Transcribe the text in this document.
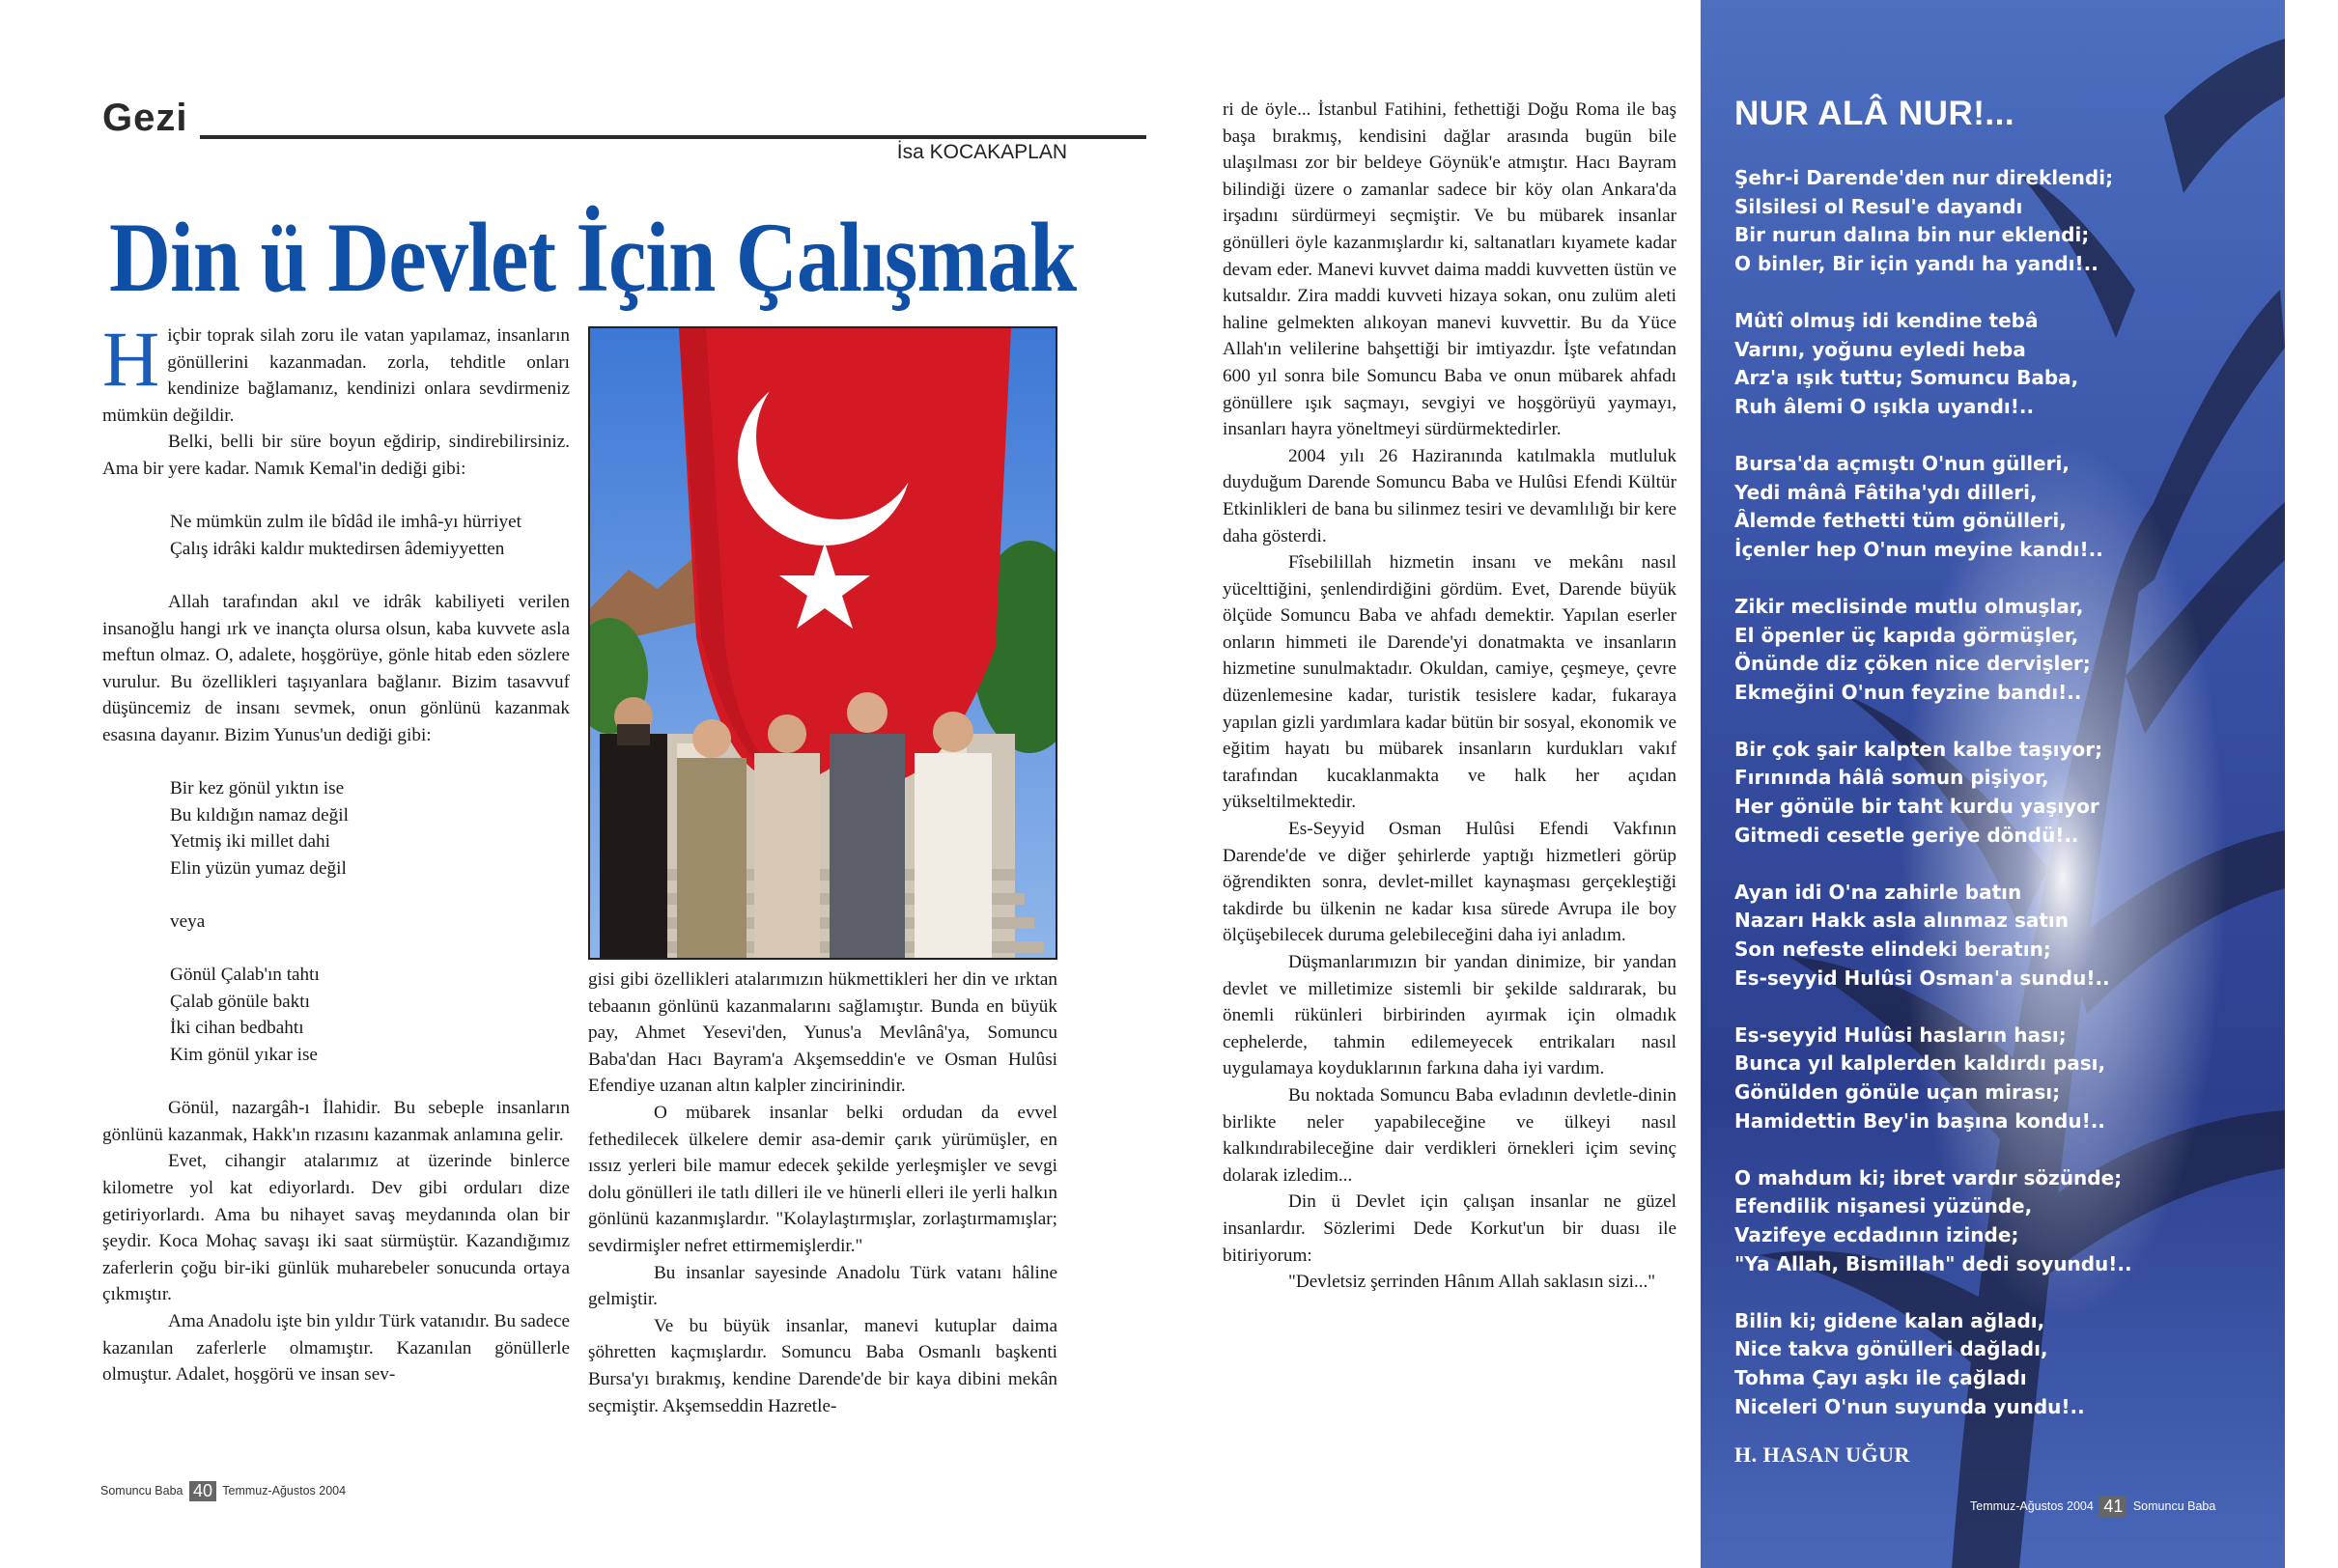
Gezi
İsa KOCAKAPLAN
Din ü Devlet İçin Çalışmak

Hiçbir toprak silah zoru ile vatan yapılamaz, insanların gönüllerini kazanmadan. zorla, tehditle onları kendinize bağlamanız, kendinizi onlara sevdirmeniz mümkün değildir.

Belki, belli bir süre boyun eğdirip, sindirebilirsiniz. Ama bir yere kadar. Namık Kemal'in dediği gibi:

Ne mümkün zulm ile bîdâd ile imhâ-yı hürriyet
Çalış idrâki kaldır muktedirsen âdemiyyetten

Allah tarafından akıl ve idrâk kabiliyeti verilen insanoğlu hangi ırk ve inançta olursa olsun, kaba kuvvete asla meftun olmaz. O, adalete, hoşgörüye, gönle hitab eden sözlere vurulur. Bu özellikleri taşıyanlara bağlanır. Bizim tasavvuf düşüncemiz de insanı sevmek, onun gönlünü kazanmak esasına dayanır. Bizim Yunus'un dediği gibi:

Bir kez gönül yıktın ise
Bu kıldığın namaz değil
Yetmiş iki millet dahi
Elin yüzün yumaz değil
veya
Gönül Çalab'ın tahtı
Çalab gönüle baktı
İki cihan bedbahtı
Kim gönül yıkar ise

Gönül, nazargâh-ı İlahidir. Bu sebeple insanların gönlünü kazanmak, Hakk'ın rızasını kazanmak anlamına gelir.

Evet, cihangir atalarımız at üzerinde binlerce kilometre yol kat ediyorlardı. Dev gibi orduları dize getiriyorlardı. Ama bu nihayet savaş meydanında olan bir şeydir. Koca Mohaç savaşı iki saat sürmüştür. Kazandığımız zaferlerin çoğu bir-iki günlük muharebeler sonucunda ortaya çıkmıştır.

Ama Anadolu işte bin yıldır Türk vatanıdır. Bu sadece kazanılan zaferlerle olmamıştır. Kazanılan gönüllerle olmuştur. Adalet, hoşgörü ve insan sev-

gisi gibi özellikleri atalarımızın hükmettikleri her din ve ırktan tebaanın gönlünü kazanmalarını sağlamıştır. Bunda en büyük pay, Ahmet Yesevi'den, Yunus'a Mevlânâ'ya, Somuncu Baba'dan Hacı Bayram'a Akşemseddin'e ve Osman Hulûsi Efendiye uzanan altın kalpler zincirinindir.

O mübarek insanlar belki ordudan da evvel fethedilecek ülkelere demir asa-demir çarık yürümüşler, en ıssız yerleri bile mamur edecek şekilde yerleşmişler ve sevgi dolu gönülleri ile tatlı dilleri ile ve hünerli elleri ile yerli halkın gönlünü kazanmışlardır. "Kolaylaştırmışlar, zorlaştırmamışlar; sevdirmişler nefret ettirmemişlerdir."

Bu insanlar sayesinde Anadolu Türk vatanı hâline gelmiştir.

Ve bu büyük insanlar, manevi kutuplar daima şöhretten kaçmışlardır. Somuncu Baba Osmanlı başkenti Bursa'yı bırakmış, kendine Darende'de bir kaya dibini mekân seçmiştir. Akşemseddin Hazretle-

Somuncu Baba 40 Temmuz-Ağustos 2004

ri de öyle... İstanbul Fatihini, fethettiği Doğu Roma ile baş başa bırakmış, kendisini dağlar arasında bugün bile ulaşılması zor bir beldeye Göynük'e atmıştır. Hacı Bayram bilindiği üzere o zamanlar sadece bir köy olan Ankara'da irşadını sürdürmeyi seçmiştir. Ve bu mübarek insanlar gönülleri öyle kazanmışlardır ki, saltanatları kıyamete kadar devam eder. Manevi kuvvet daima maddi kuvvetten üstün ve kutsaldır. Zira maddi kuvveti hizaya sokan, onu zulüm aleti haline gelmekten alıkoyan manevi kuvvettir. Bu da Yüce Allah'ın velilerine bahşettiği bir imtiyazdır. İşte vefatından 600 yıl sonra bile Somuncu Baba ve onun mübarek ahfadı gönüllere ışık saçmayı, sevgiyi ve hoşgörüyü yaymayı, insanları hayra yöneltmeyi sürdürmektedirler.

2004 yılı 26 Haziranında katılmakla mutluluk duyduğum Darende Somuncu Baba ve Hulûsi Efendi Kültür Etkinlikleri de bana bu silinmez tesiri ve devamlılığı bir kere daha gösterdi.

Fîsebilillah hizmetin insanı ve mekânı nasıl yücelttiğini, şenlendirdiğini gördüm. Evet, Darende büyük ölçüde Somuncu Baba ve ahfadı demektir. Yapılan eserler onların himmeti ile Darende'yi donatmakta ve insanların hizmetine sunulmaktadır. Okuldan, camiye, çeşmeye, çevre düzenlemesine kadar, turistik tesislere kadar, fukaraya yapılan gizli yardımlara kadar bütün bir sosyal, ekonomik ve eğitim hayatı bu mübarek insanların kurdukları vakıf tarafından kucaklanmakta ve halk her açıdan yükseltilmektedir.

Es-Seyyid Osman Hulûsi Efendi Vakfının Darende'de ve diğer şehirlerde yaptığı hizmetleri görüp öğrendikten sonra, devlet-millet kaynaşması gerçekleştiği takdirde bu ülkenin ne kadar kısa sürede Avrupa ile boy ölçüşebilecek duruma gelebileceğini daha iyi anladım.

Düşmanlarımızın bir yandan dinimize, bir yandan devlet ve milletimize sistemli bir şekilde saldırarak, bu önemli rükünleri birbirinden ayırmak için olmadık cephelerde, tahmin edilemeyecek entrikaları nasıl uygulamaya koyduklarının farkına daha iyi vardım.

Bu noktada Somuncu Baba evladının devletle-dinin birlikte neler yapabileceğine ve ülkeyi nasıl kalkındırabileceğine dair verdikleri örnekleri içim sevinç dolarak izledim...

Din ü Devlet için çalışan insanlar ne güzel insanlardır. Sözlerimi Dede Korkut'un bir duası ile bitiriyorum:

"Devletsiz şerrinden Hânım Allah saklasın sizi..."

NUR ALÂ NUR!...
Şehr-i Darende'den nur direklendi;
Silsilesi ol Resul'e dayandı
Bir nurun dalına bin nur eklendi;
O binler, Bir için yandı ha yandı!..
Mûtî olmuş idi kendine tebâ
Varını, yoğunu eyledi heba
Arz'a ışık tuttu; Somuncu Baba,
Ruh âlemi O ışıkla uyandı!..
Bursa'da açmıştı O'nun gülleri,
Yedi mânâ Fâtiha'ydı dilleri,
Âlemde fethetti tüm gönülleri,
İçenler hep O'nun meyine kandı!..
Zikir meclisinde mutlu olmuşlar,
El öpenler üç kapıda görmüşler,
Önünde diz çöken nice dervişler;
Ekmeğini O'nun feyzine bandı!..
Bir çok şair kalpten kalbe taşıyor;
Fırınında hâlâ somun pişiyor,
Her gönüle bir taht kurdu yaşıyor
Gitmedi cesetle geriye döndü!..
Ayan idi O'na zahirle batın
Nazarı Hakk asla alınmaz satın
Son nefeste elindeki beratın;
Es-seyyid Hulûsi Osman'a sundu!..
Es-seyyid Hulûsi hasların hası;
Bunca yıl kalplerden kaldırdı pası,
Gönülden gönüle uçan mirası;
Hamidettin Bey'in başına kondu!..
O mahdum ki; ibret vardır sözünde;
Efendilik nişanesi yüzünde,
Vazifeye ecdadının izinde;
"Ya Allah, Bismillah" dedi soyundu!..
Bilin ki; gidene kalan ağladı,
Nice takva gönülleri dağladı,
Tohma Çayı aşkı ile çağladı
Niceleri O'nun suyunda yundu!..
H. HASAN UĞUR
Temmuz-Ağustos 2004 41 Somuncu Baba
